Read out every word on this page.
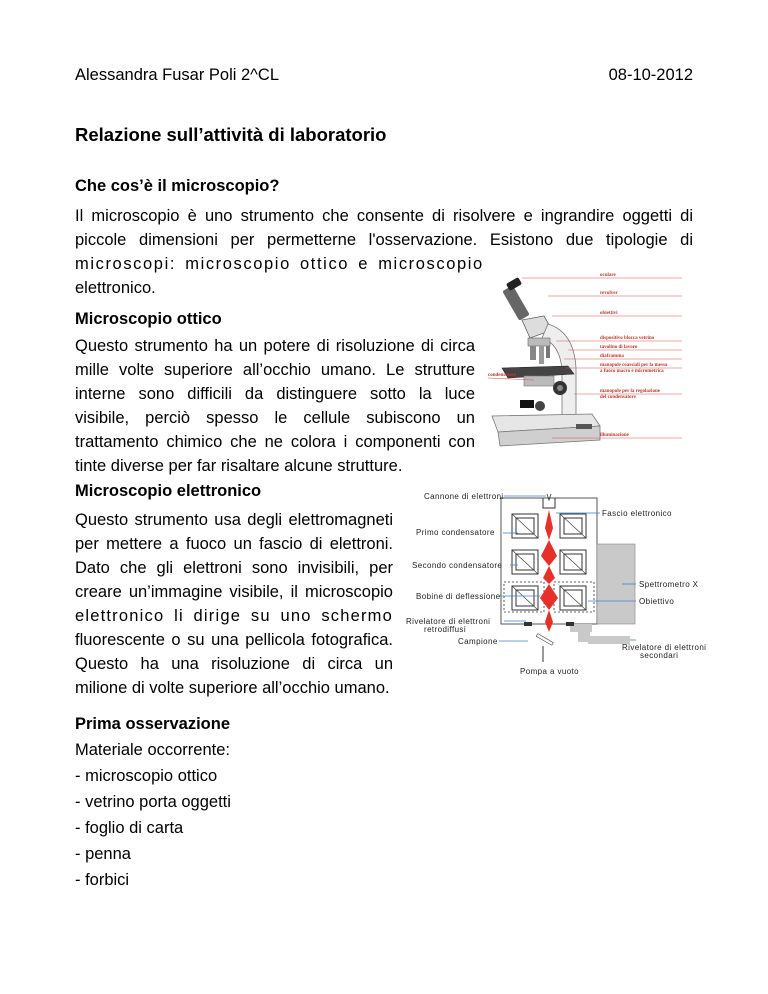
Alessandra Fusar Poli 2^CL	08-10-2012
Relazione sull’attività di laboratorio
Che cos’è il microscopio?
Il microscopio è uno strumento che consente di risolvere e ingrandire oggetti di
piccole dimensioni per permetterne l'osservazione. Esistono due tipologie di
microscopi: microscopio ottico e microscopio
elettronico.
Microscopio ottico
Questo strumento ha un potere di risoluzione di circa
mille volte superiore all’occhio umano. Le strutture
interne sono difficili da distinguere sotto la luce
visibile, perciò spesso le cellule subiscono un
trattamento chimico che ne colora i componenti con
tinte diverse per far risaltare alcune strutture.
oculare
revolver
obiettivi
dispositivo blocca vetrino
tavolino di lavoro
diaframma
manopole coassiali per la messa
a fuoco macro e micrometrica
manopole per la regolazione
del condensatore
illuminazione
condensatore
Microscopio elettronico
Questo strumento usa degli elettromagneti
per mettere a fuoco un fascio di elettroni.
Dato che gli elettroni sono invisibili, per
creare un’immagine visibile, il microscopio
elettronico li dirige su uno schermo
fluorescente o su una pellicola fotografica.
Questo ha una risoluzione di circa un
milione di volte superiore all’occhio umano.
Cannone di elettroni
Primo condensatore
Secondo condensatore
Bobine di deflessione
Rivelatore di elettroni
retrodiffusi
Campione
Fascio elettronico
Spettrometro X
Obiettivo
Rivelatore di elettroni
secondari
Pompa a vuoto
Prima osservazione
Materiale occorrente:
- microscopio ottico
- vetrino porta oggetti
- foglio di carta
- penna
- forbici
